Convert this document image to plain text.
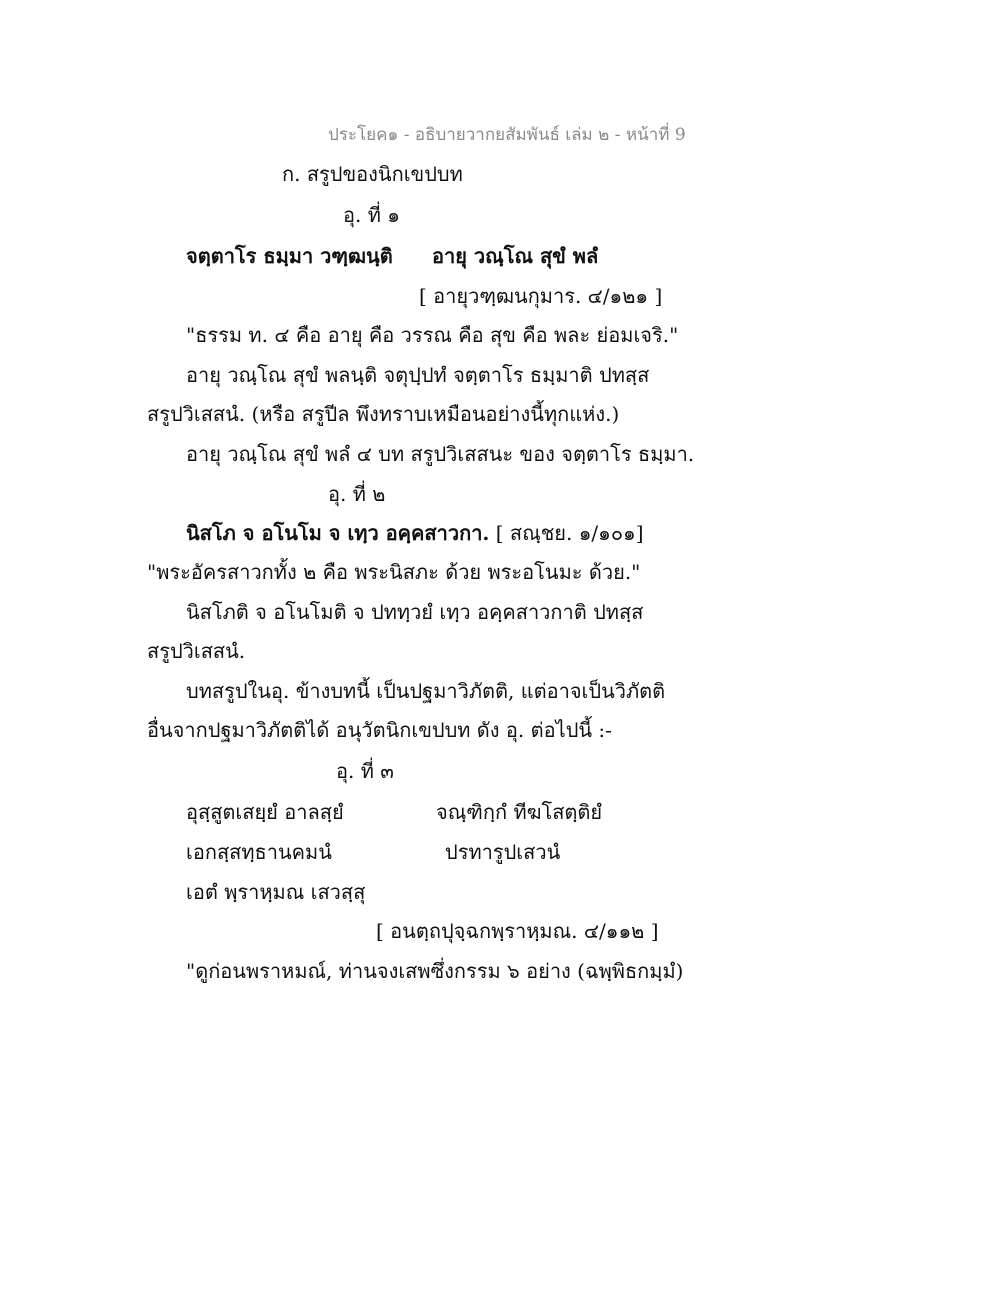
ประโยค๑ - อธิบายวากยสัมพันธ์ เล่ม ๒ - หน้าที่ 9
ก. สรูปของนิกเขปบท
อุ. ที่ ๑
จตฺตาโร ธมฺมา วฑฺฒนฺติ อายุ วณฺโณ สุขํ พลํ
[ อายุวฑฺฒนกุมาร. ๔/๑๒๑ ]
"ธรรม ท. ๔ คือ อายุ คือ วรรณ คือ สุข คือ พละ ย่อมเจริ."
อายุ วณฺโณ สุขํ พลนฺติ จตุปฺปทํ จตฺตาโร ธมฺมาติ ปทสฺส
สรูปวิเสสนํ. (หรือ สรูปีล พึงทราบเหมือนอย่างนี้ทุกแห่ง.)
อายุ วณฺโณ สุขํ พลํ ๔ บท สรูปวิเสสนะ ของ จตฺตาโร ธมฺมา.
อุ. ที่ ๒
นิสโภ จ อโนโม จ เทฺว อคฺคสาวกา. [ สณฺชย. ๑/๑๐๑]
"พระอัครสาวกทั้ง ๒ คือ พระนิสภะ ด้วย พระอโนมะ ด้วย."
นิสโภติ จ อโนโมติ จ ปททฺวยํ เทฺว อคฺคสาวกาติ ปทสฺส
สรูปวิเสสนํ.
บทสรูปในอุ. ข้างบทนี้ เป็นปฐมาวิภัตติ, แต่อาจเป็นวิภัตติ
อื่นจากปฐมาวิภัตติได้ อนุวัตนิกเขปบท ดัง อุ. ต่อไปนี้ :-
อุ. ที่ ๓
อุสฺสูตเสยฺยํ อาลสฺยํ	จณฺฑิกฺกํ ทีฆโสตฺติยํ
เอกสฺสทฺธานคมนํ	ปรทารูปเสวนํ
เอตํ พฺราหฺมณ เสวสฺสุ
[ อนตฺถปุจฺฉกพฺราหฺมณ. ๔/๑๑๒ ]
"ดูก่อนพราหมณ์, ท่านจงเสพซึ่งกรรม ๖ อย่าง (ฉพฺพิธกมฺมํ)
